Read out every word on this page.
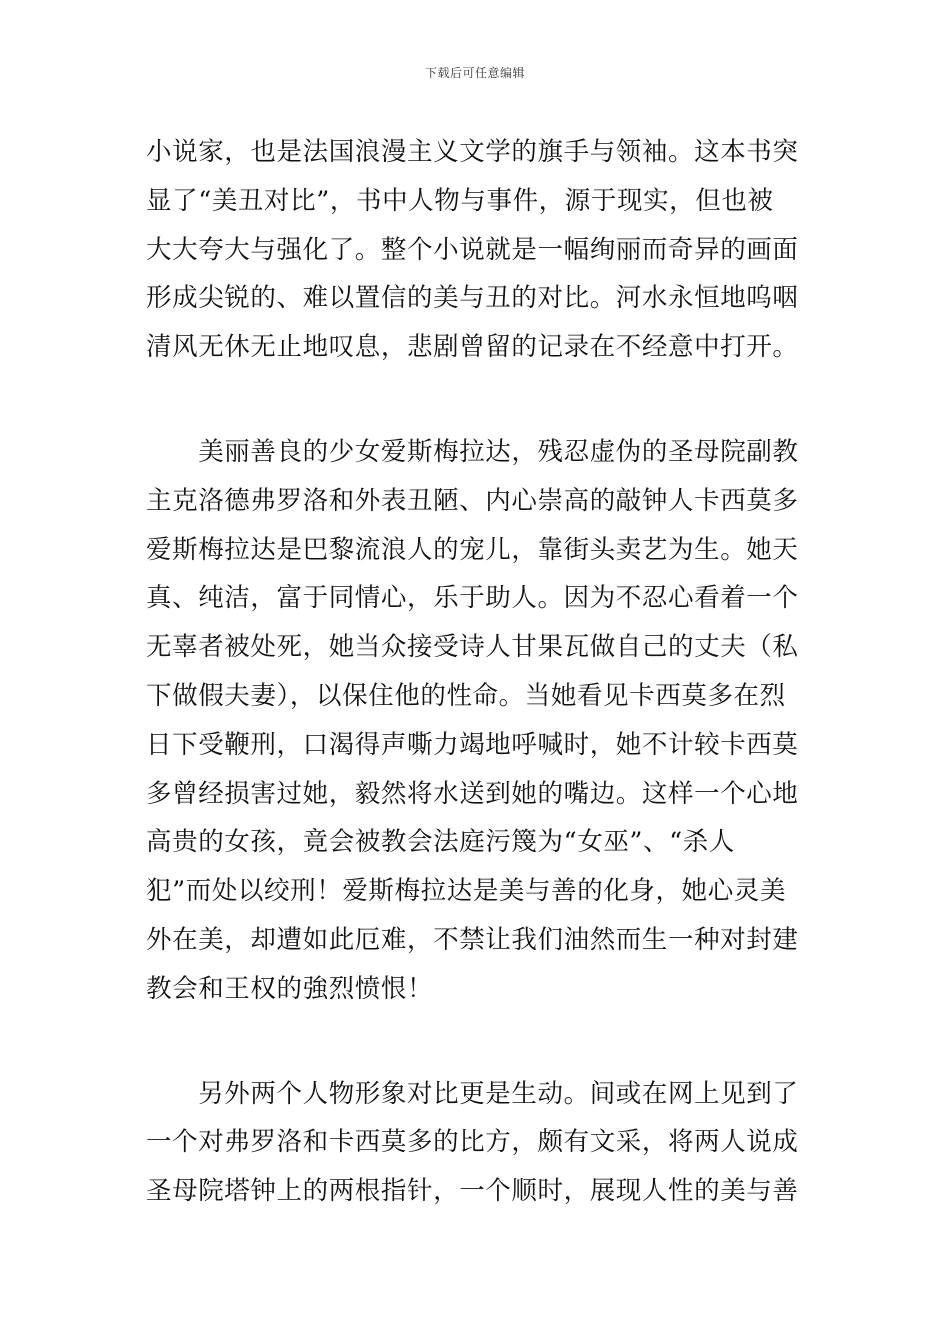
下载后可任意编辑

小说家，也是法国浪漫主义文学的旗手与领袖。这本书突
显了“美丑对比”，书中人物与事件，源于现实，但也被
大大夸大与强化了。整个小说就是一幅绚丽而奇异的画面
形成尖锐的、难以置信的美与丑的对比。河水永恒地呜咽
清风无休无止地叹息，悲剧曾留的记录在不经意中打开。

　　美丽善良的少女爱斯梅拉达，残忍虚伪的圣母院副教
主克洛德弗罗洛和外表丑陋、内心崇高的敲钟人卡西莫多
爱斯梅拉达是巴黎流浪人的宠儿，靠街头卖艺为生。她天
真、纯洁，富于同情心，乐于助人。因为不忍心看着一个
无辜者被处死，她当众接受诗人甘果瓦做自己的丈夫（私
下做假夫妻），以保住他的性命。当她看见卡西莫多在烈
日下受鞭刑，口渴得声嘶力竭地呼喊时，她不计较卡西莫
多曾经损害过她，毅然将水送到她的嘴边。这样一个心地
高贵的女孩，竟会被教会法庭污篾为“女巫”、“杀人
犯”而处以绞刑！爱斯梅拉达是美与善的化身，她心灵美
外在美，却遭如此厄难，不禁让我们油然而生一种对封建
教会和王权的強烈愤恨！

　　另外两个人物形象对比更是生动。间或在网上见到了
一个对弗罗洛和卡西莫多的比方，颇有文采，将两人说成
圣母院塔钟上的两根指针，一个顺时，展现人性的美与善
